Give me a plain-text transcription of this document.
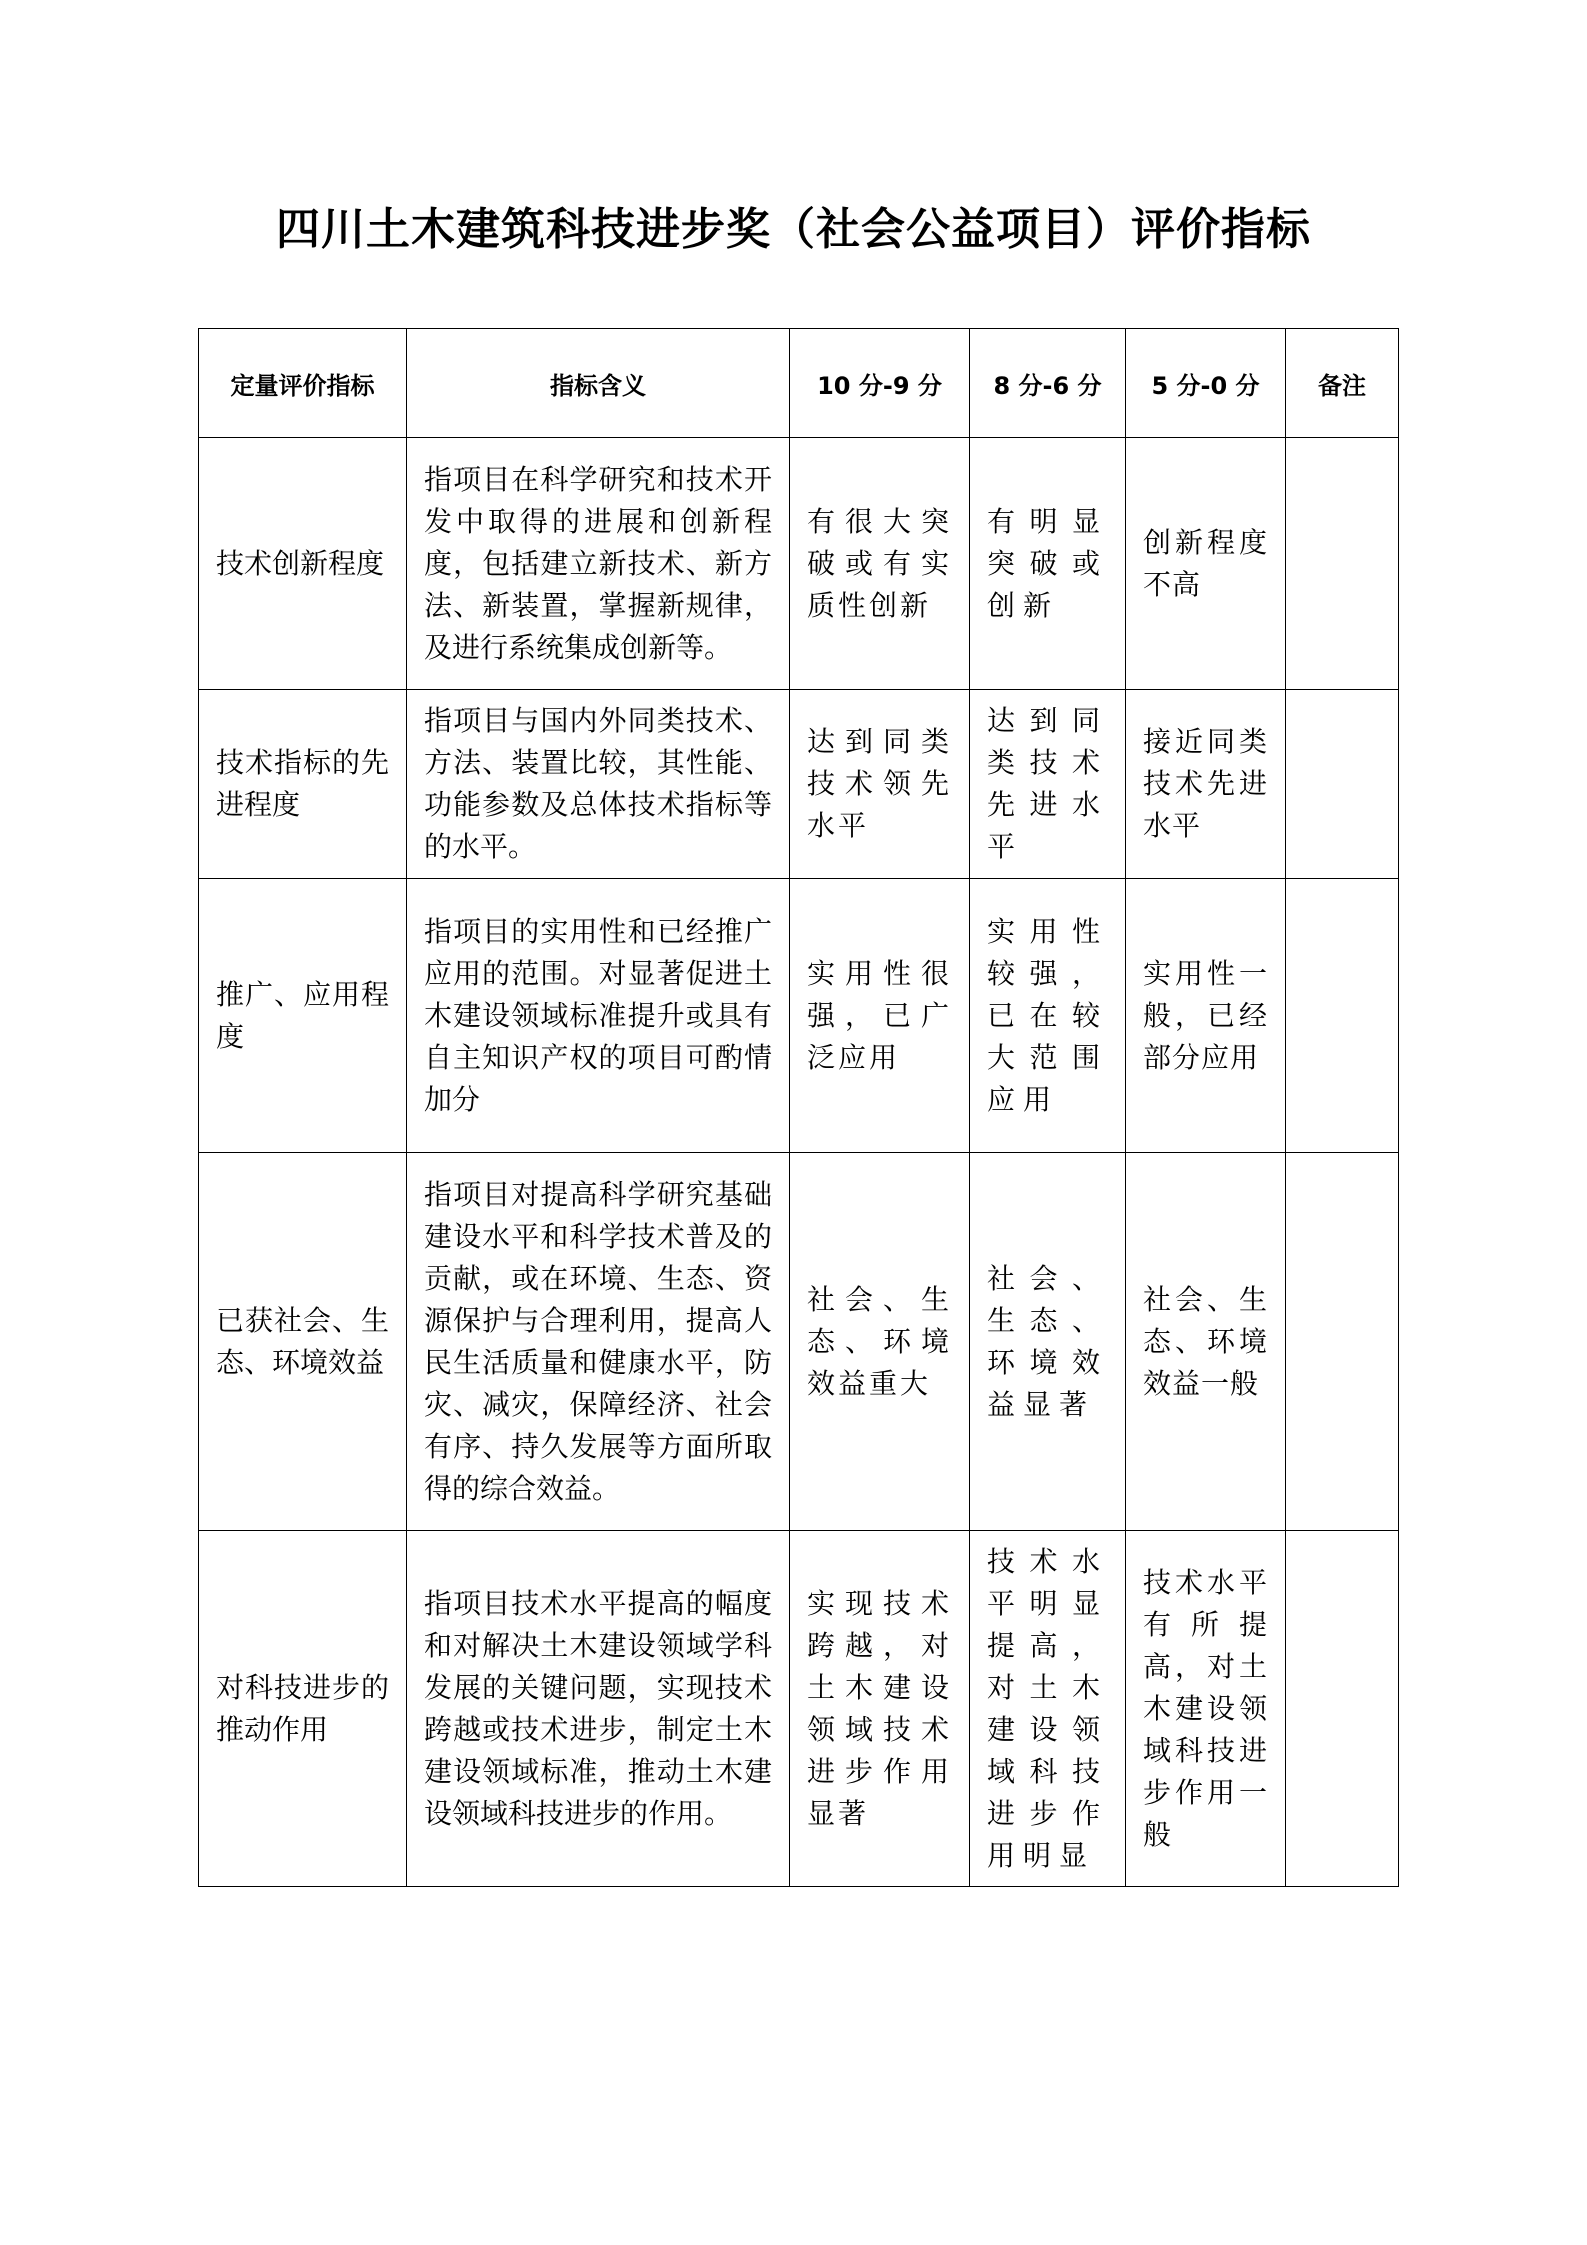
四川土木建筑科技进步奖（社会公益项目）评价指标
定量评价指标	指标含义	10 分-9 分	8 分-6 分	5 分-0 分	备注
技术创新程度	指项目在科学研究和技术开发中取得的进展和创新程度，包括建立新技术、新方法、新装置，掌握新规律，及进行系统集成创新等。	有很大突破或有实质性创新	有明显突破或创新	创新程度不高	
技术指标的先进程度	指项目与国内外同类技术、方法、装置比较，其性能、功能参数及总体技术指标等的水平。	达到同类技术领先水平	达到同类技术先进水平	接近同类技术先进水平	
推广、应用程度	指项目的实用性和已经推广应用的范围。对显著促进土木建设领域标准提升或具有自主知识产权的项目可酌情加分	实用性很强，已广泛应用	实用性较强，已在较大范围应用	实用性一般，已经部分应用	
已获社会、生态、环境效益	指项目对提高科学研究基础建设水平和科学技术普及的贡献，或在环境、生态、资源保护与合理利用，提高人民生活质量和健康水平，防灾、减灾，保障经济、社会有序、持久发展等方面所取得的综合效益。	社会、生态、环境效益重大	社会、生态、环境效益显著	社会、生态、环境效益一般	
对科技进步的推动作用	指项目技术水平提高的幅度和对解决土木建设领域学科发展的关键问题，实现技术跨越或技术进步，制定土木建设领域标准，推动土木建设领域科技进步的作用。	实现技术跨越，对土木建设领域技术进步作用显著	技术水平明显提高，对土木建设领域科技进步作用明显	技术水平有所提高，对土木建设领域科技进步作用一般	
